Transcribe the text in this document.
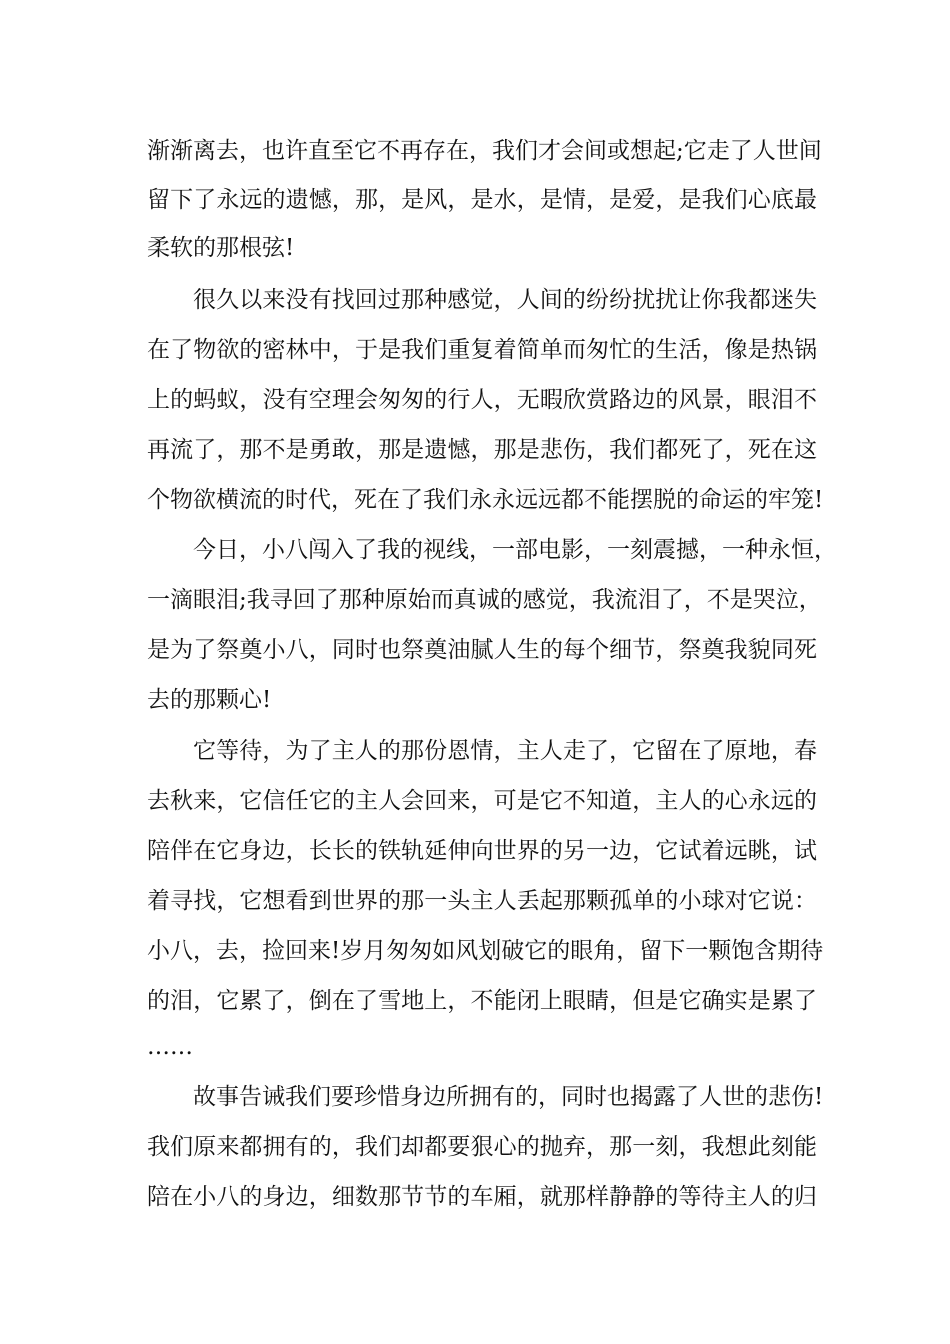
渐渐离去，也许直至它不再存在，我们才会间或想起;它走了人世间
留下了永远的遗憾，那，是风，是水，是情，是爱，是我们心底最
柔软的那根弦!
很久以来没有找回过那种感觉，人间的纷纷扰扰让你我都迷失
在了物欲的密林中，于是我们重复着简单而匆忙的生活，像是热锅
上的蚂蚁，没有空理会匆匆的行人，无暇欣赏路边的风景，眼泪不
再流了，那不是勇敢，那是遗憾，那是悲伤，我们都死了，死在这
个物欲横流的时代，死在了我们永永远远都不能摆脱的命运的牢笼!
今日，小八闯入了我的视线，一部电影，一刻震撼，一种永恒，
一滴眼泪;我寻回了那种原始而真诚的感觉，我流泪了，不是哭泣，
是为了祭奠小八，同时也祭奠油腻人生的每个细节，祭奠我貌同死
去的那颗心!
它等待，为了主人的那份恩情，主人走了，它留在了原地，春
去秋来，它信任它的主人会回来，可是它不知道，主人的心永远的
陪伴在它身边，长长的铁轨延伸向世界的另一边，它试着远眺，试
着寻找，它想看到世界的那一头主人丢起那颗孤单的小球对它说：
小八，去，捡回来!岁月匆匆如风划破它的眼角，留下一颗饱含期待
的泪，它累了，倒在了雪地上，不能闭上眼睛，但是它确实是累了
……
故事告诫我们要珍惜身边所拥有的，同时也揭露了人世的悲伤!
我们原来都拥有的，我们却都要狠心的抛弃，那一刻，我想此刻能
陪在小八的身边，细数那节节的车厢，就那样静静的等待主人的归
